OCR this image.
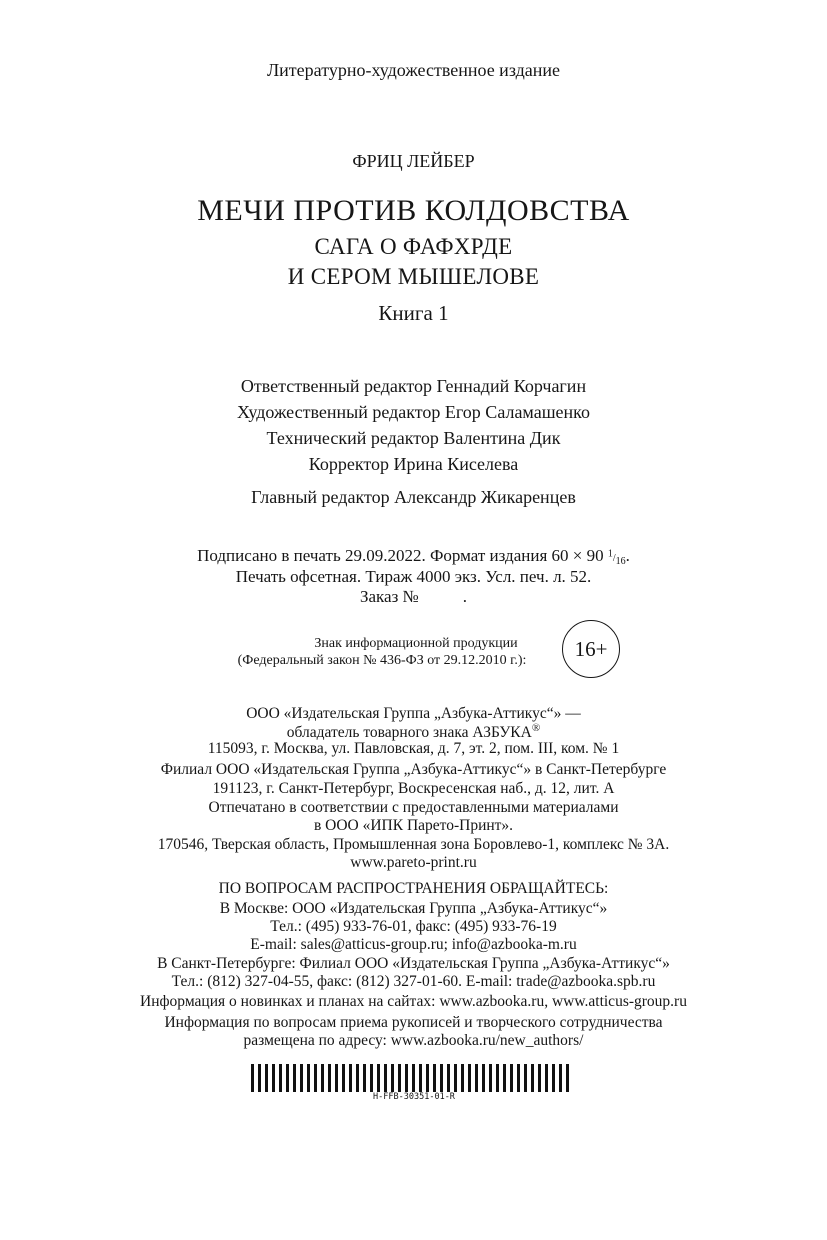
Литературно-художественное издание
ФРИЦ ЛЕЙБЕР
МЕЧИ ПРОТИВ КОЛДОВСТВА
САГА О ФАФХРДЕ
И СЕРОМ МЫШЕЛОВЕ
Книга 1
Ответственный редактор Геннадий Корчагин
Художественный редактор Егор Саламашенко
Технический редактор Валентина Дик
Корректор Ирина Киселева
Главный редактор Александр Жикаренцев
Подписано в печать 29.09.2022. Формат издания 60 × 90 $^1/_{16}$.
Печать офсетная. Тираж 4000 экз. Усл. печ. л. 52.
Заказ №	.
Знак информационной продукции
(Федеральный закон № 436-ФЗ от 29.12.2010 г.):	16+
ООО «Издательская Группа „Азбука-Аттикус“» —
обладатель товарного знака АЗБУКА®
115093, г. Москва, ул. Павловская, д. 7, эт. 2, пом. III, ком. № 1
Филиал ООО «Издательская Группа „Азбука-Аттикус“» в Санкт-Петербурге
191123, г. Санкт-Петербург, Воскресенская наб., д. 12, лит. А
Отпечатано в соответствии с предоставленными материалами
в ООО «ИПК Парето-Принт».
170546, Тверская область, Промышленная зона Боровлево-1, комплекс № 3А.
www.pareto-print.ru
ПО ВОПРОСАМ РАСПРОСТРАНЕНИЯ ОБРАЩАЙТЕСЬ:
В Москве: ООО «Издательская Группа „Азбука-Аттикус“»
Тел.: (495) 933-76-01, факс: (495) 933-76-19
E-mail: sales@atticus-group.ru; info@azbooka-m.ru
В Санкт-Петербурге: Филиал ООО «Издательская Группа „Азбука-Аттикус“»
Тел.: (812) 327-04-55, факс: (812) 327-01-60. E-mail: trade@azbooka.spb.ru
Информация о новинках и планах на сайтах: www.azbooka.ru, www.atticus-group.ru
Информация по вопросам приема рукописей и творческого сотрудничества
размещена по адресу: www.azbooka.ru/new_authors/
H-FFB-30351-01-R
